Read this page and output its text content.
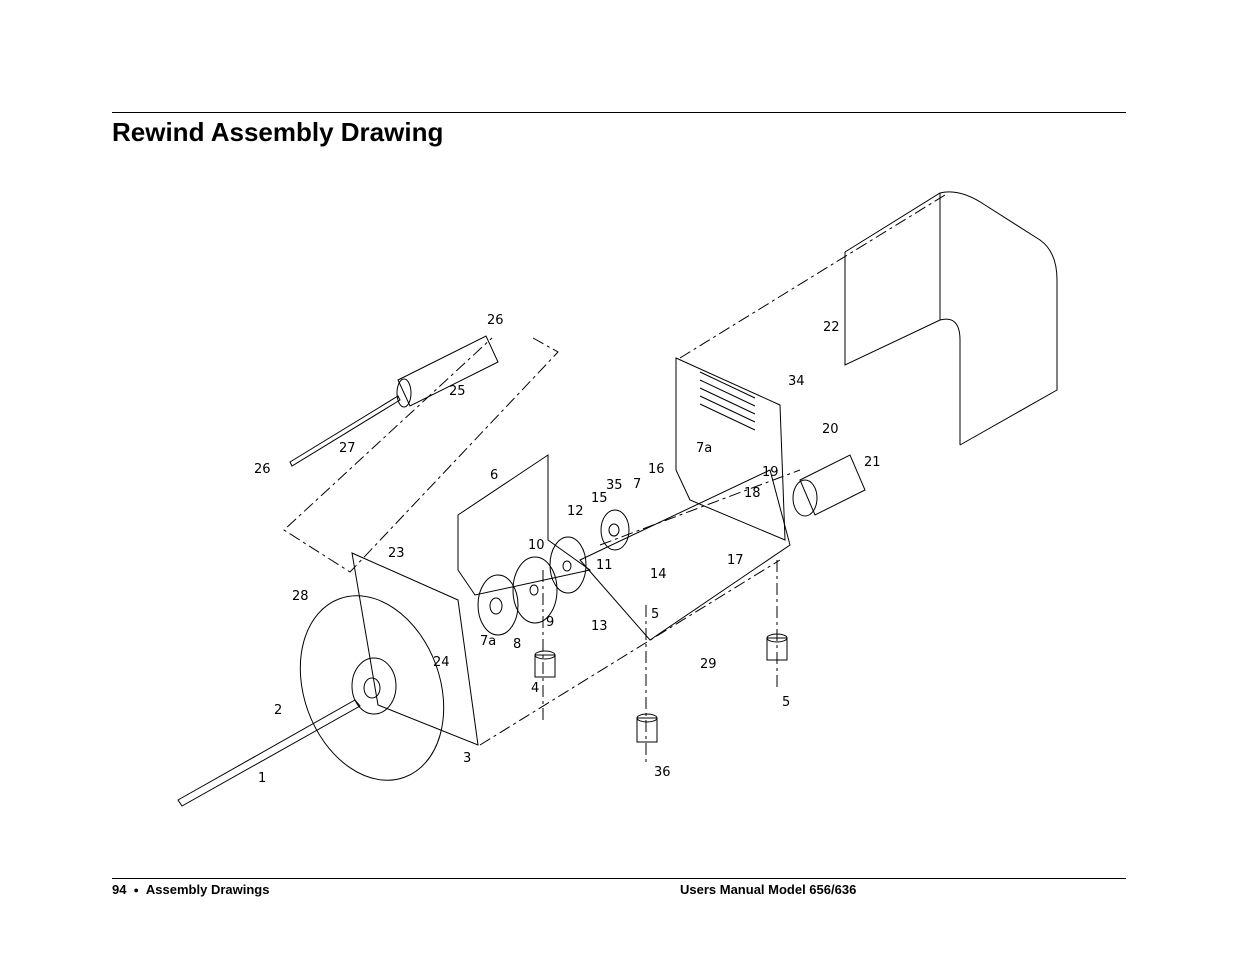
Rewind Assembly Drawing
1
2
3
4
5
5
6
7
7a
7a 8
9
10
11
12
13
14
15
16
17
18
19
20
21
22
23
24
25
26
26
27
28
29
34
35
36
94 ● Assembly Drawings	Users Manual Model 656/636
